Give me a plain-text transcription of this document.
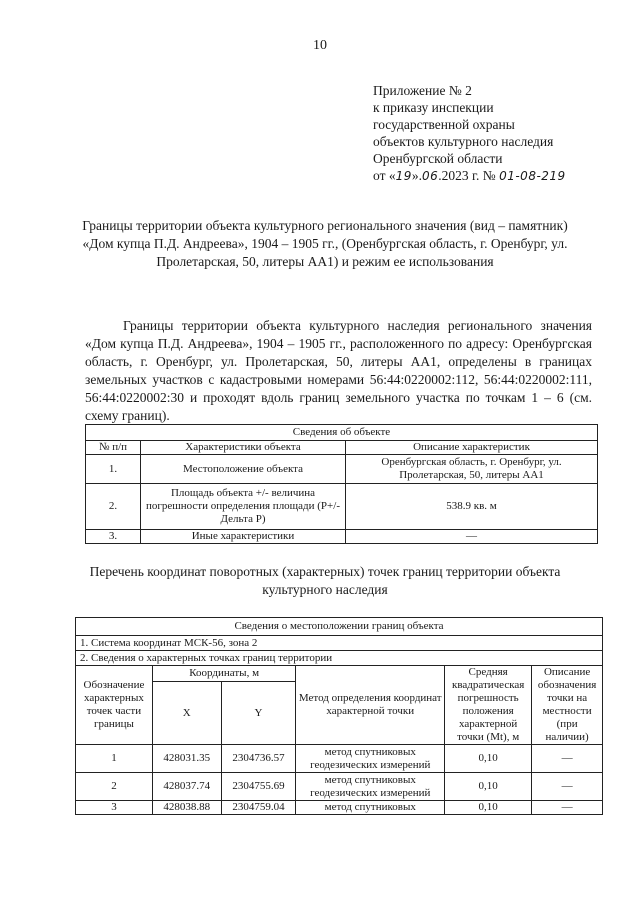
10
Приложение № 2
к приказу инспекции
государственной охраны
объектов культурного наследия
Оренбургской области
от «19».06.2023 г. № 01-08-219
Границы территории объекта культурного регионального значения (вид – памятник) «Дом купца П.Д. Андреева», 1904 – 1905 гг., (Оренбургская область, г. Оренбург, ул. Пролетарская, 50, литеры АА1) и режим ее использования
Границы территории объекта культурного наследия регионального значения «Дом купца П.Д. Андреева», 1904 – 1905 гг., расположенного по адресу: Оренбургская область, г. Оренбург, ул. Пролетарская, 50, литеры АА1, определены в границах земельных участков с кадастровыми номерами 56:44:0220002:112, 56:44:0220002:111, 56:44:0220002:30 и проходят вдоль границ земельного участка по точкам 1 – 6 (см. схему границ).
Сведения об объекте		
№ п/п	Характеристики объекта	Описание характеристик
1.	Местоположение объекта	Оренбургская область, г. Оренбург, ул. Пролетарская, 50, литеры АА1
2.	Площадь объекта +/- величина погрешности определения площади (Р+/- Дельта Р)	538.9 кв. м
3.	Иные характеристики	—
Перечень координат поворотных (характерных) точек границ территории объекта культурного наследия
Сведения о местоположении границ объекта					
1. Система координат МСК-56, зона 2					
2. Сведения о характерных точках границ территории					
Обозначение характерных точек части границы	Координаты, м		Метод определения координат характерной точки	Средняя квадратическая погрешность положения характерной точки (Mt), м	Описание обозначения точки на местности (при наличии)
	X	Y			
1	428031.35	2304736.57	метод спутниковых геодезических измерений	0,10	—
2	428037.74	2304755.69	метод спутниковых геодезических измерений	0,10	—
3	428038.88	2304759.04	метод спутниковых	0,10	—
